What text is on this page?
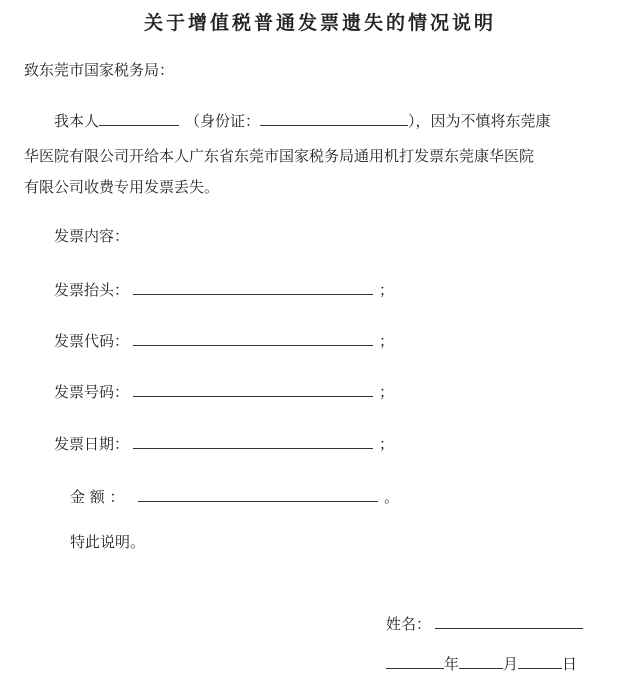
关于增值税普通发票遗失的情况说明
致东莞市国家税务局：
我本人	（身份证：	），因为不慎将东莞康
华医院有限公司开给本人广东省东莞市国家税务局通用机打发票东莞康华医院
有限公司收费专用发票丢失。
发票内容：
发票抬头：	；
发票代码：	；
发票号码：	；
发票日期：	；
金 额 ：	。
特此说明。
姓名：
年	月	日
